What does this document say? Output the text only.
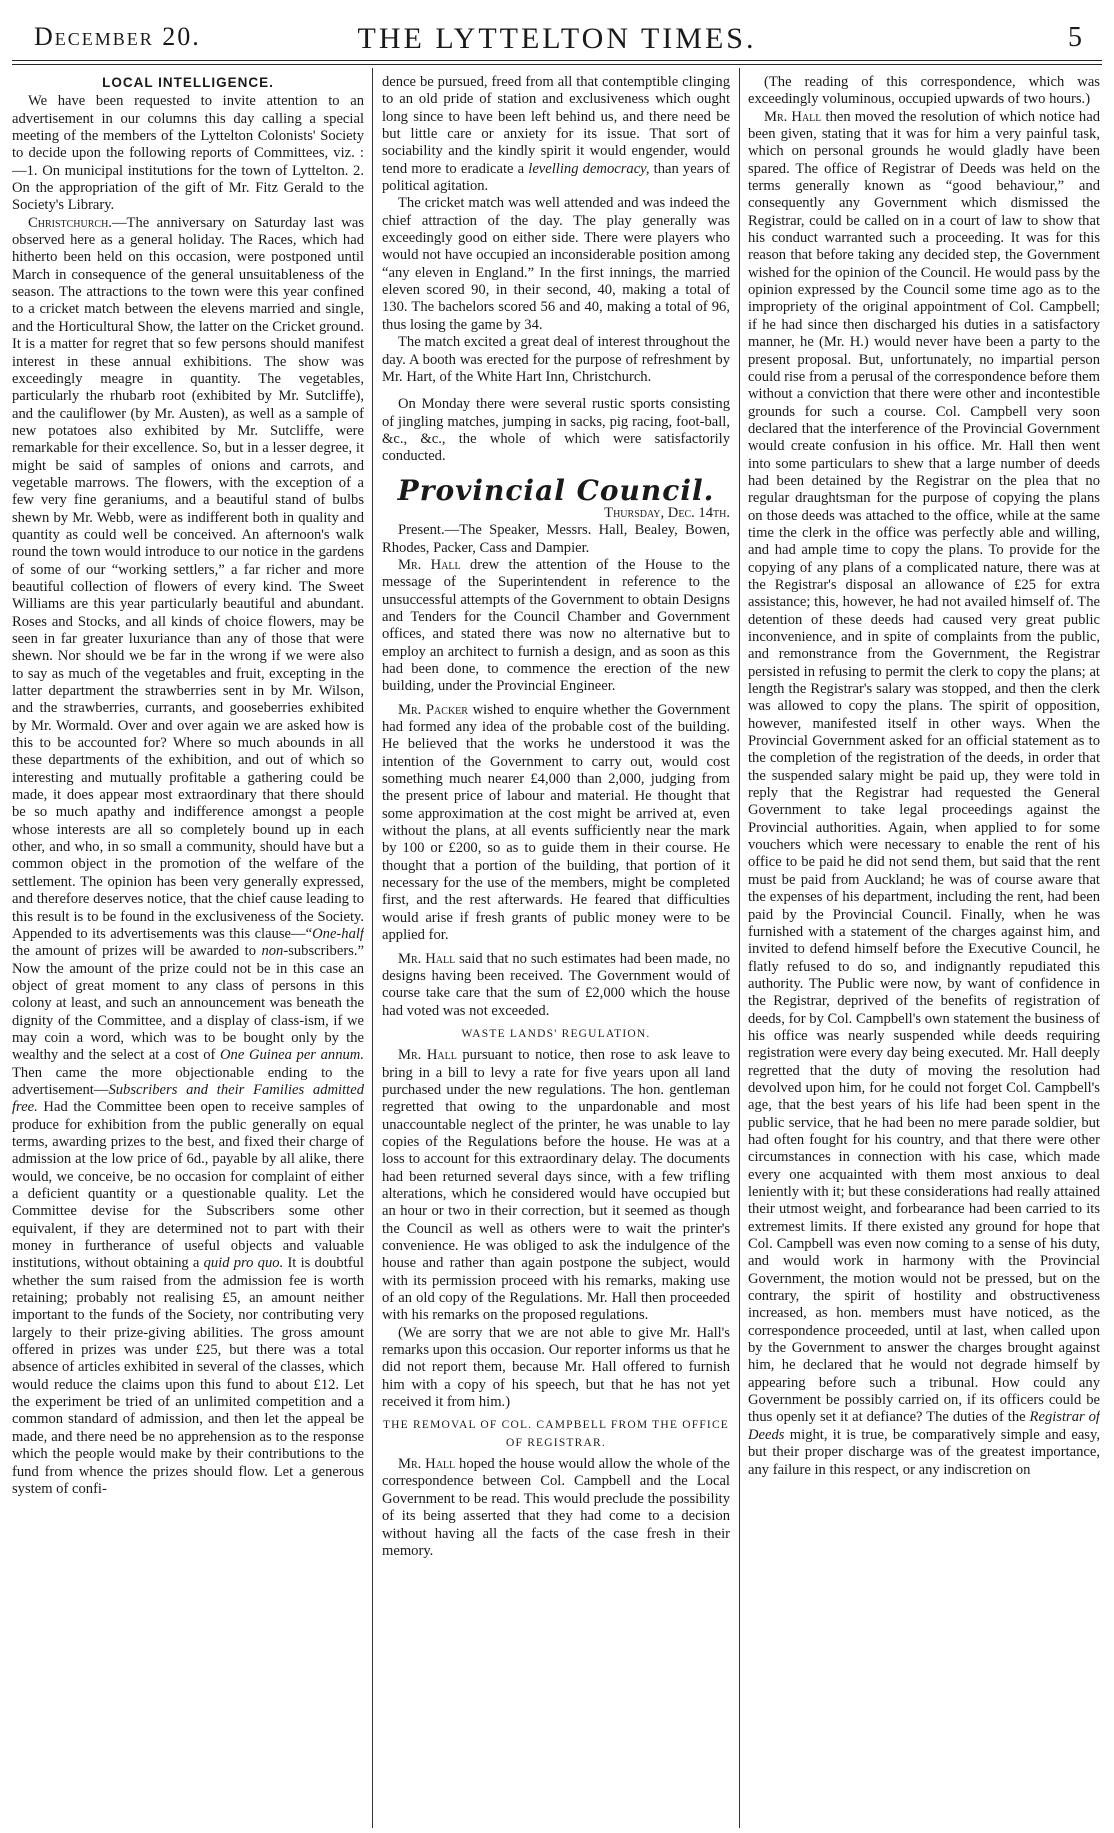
December 20.	THE LYTTELTON TIMES.	5
LOCAL INTELLIGENCE.

We have been requested to invite attention to an advertisement in our columns this day calling a special meeting of the members of the Lyttelton Colonists' Society to decide upon the following reports of Committees, viz. :—1. On municipal institutions for the town of Lyttelton. 2. On the appropriation of the gift of Mr. Fitz Gerald to the Society's Library.

Christchurch.—The anniversary on Saturday last was observed here as a general holiday. The Races, which had hitherto been held on this occasion, were postponed until March in consequence of the general unsuitableness of the season. The attractions to the town were this year confined to a cricket match between the elevens married and single, and the Horticultural Show, the latter on the Cricket ground. It is a matter for regret that so few persons should manifest interest in these annual exhibitions. The show was exceedingly meagre in quantity. The vegetables, particularly the rhubarb root (exhibited by Mr. Sutcliffe), and the cauliflower (by Mr. Austen), as well as a sample of new potatoes also exhibited by Mr. Sutcliffe, were remarkable for their excellence. So, but in a lesser degree, it might be said of samples of onions and carrots, and vegetable marrows. The flowers, with the exception of a few very fine geraniums, and a beautiful stand of bulbs shewn by Mr. Webb, were as indifferent both in quality and quantity as could well be conceived. An afternoon's walk round the town would introduce to our notice in the gardens of some of our “working settlers,” a far richer and more beautiful collection of flowers of every kind. The Sweet Williams are this year particularly beautiful and abundant. Roses and Stocks, and all kinds of choice flowers, may be seen in far greater luxuriance than any of those that were shewn. Nor should we be far in the wrong if we were also to say as much of the vegetables and fruit, excepting in the latter department the strawberries sent in by Mr. Wilson, and the strawberries, currants, and gooseberries exhibited by Mr. Wormald. Over and over again we are asked how is this to be accounted for? Where so much abounds in all these departments of the exhibition, and out of which so interesting and mutually profitable a gathering could be made, it does appear most extraordinary that there should be so much apathy and indifference amongst a people whose interests are all so completely bound up in each other, and who, in so small a community, should have but a common object in the promotion of the welfare of the settlement. The opinion has been very generally expressed, and therefore deserves notice, that the chief cause leading to this result is to be found in the exclusiveness of the Society. Appended to its advertisements was this clause—“One-half the amount of prizes will be awarded to non-subscribers.” Now the amount of the prize could not be in this case an object of great moment to any class of persons in this colony at least, and such an announcement was beneath the dignity of the Committee, and a display of class-ism, if we may coin a word, which was to be bought only by the wealthy and the select at a cost of One Guinea per annum. Then came the more objectionable ending to the advertisement—Subscribers and their Families admitted free. Had the Committee been open to receive samples of produce for exhibition from the public generally on equal terms, awarding prizes to the best, and fixed their charge of admission at the low price of 6d., payable by all alike, there would, we conceive, be no occasion for complaint of either a deficient quantity or a questionable quality. Let the Committee devise for the Subscribers some other equivalent, if they are determined not to part with their money in furtherance of useful objects and valuable institutions, without obtaining a quid pro quo. It is doubtful whether the sum raised from the admission fee is worth retaining; probably not realising £5, an amount neither important to the funds of the Society, nor contributing very largely to their prize-giving abilities. The gross amount offered in prizes was under £25, but there was a total absence of articles exhibited in several of the classes, which would reduce the claims upon this fund to about £12. Let the experiment be tried of an unlimited competition and a common standard of admission, and then let the appeal be made, and there need be no apprehension as to the response which the people would make by their contributions to the fund from whence the prizes should flow. Let a generous system of confi-

dence be pursued, freed from all that contemptible clinging to an old pride of station and exclusiveness which ought long since to have been left behind us, and there need be but little care or anxiety for its issue. That sort of sociability and the kindly spirit it would engender, would tend more to eradicate a levelling democracy, than years of political agitation.

The cricket match was well attended and was indeed the chief attraction of the day. The play generally was exceedingly good on either side. There were players who would not have occupied an inconsiderable position among “any eleven in England.” In the first innings, the married eleven scored 90, in their second, 40, making a total of 130. The bachelors scored 56 and 40, making a total of 96, thus losing the game by 34.

The match excited a great deal of interest throughout the day. A booth was erected for the purpose of refreshment by Mr. Hart, of the White Hart Inn, Christchurch.

On Monday there were several rustic sports consisting of jingling matches, jumping in sacks, pig racing, foot-ball, &c., &c., the whole of which were satisfactorily conducted.

Provincial Council.

Thursday, Dec. 14th.

Present.—The Speaker, Messrs. Hall, Bealey, Bowen, Rhodes, Packer, Cass and Dampier.

Mr. Hall drew the attention of the House to the message of the Superintendent in reference to the unsuccessful attempts of the Government to obtain Designs and Tenders for the Council Chamber and Government offices, and stated there was now no alternative but to employ an architect to furnish a design, and as soon as this had been done, to commence the erection of the new building, under the Provincial Engineer.

Mr. Packer wished to enquire whether the Government had formed any idea of the probable cost of the building. He believed that the works he understood it was the intention of the Government to carry out, would cost something much nearer £4,000 than 2,000, judging from the present price of labour and material. He thought that some approximation at the cost might be arrived at, even without the plans, at all events sufficiently near the mark by 100 or £200, so as to guide them in their course. He thought that a portion of the building, that portion of it necessary for the use of the members, might be completed first, and the rest afterwards. He feared that difficulties would arise if fresh grants of public money were to be applied for.

Mr. Hall said that no such estimates had been made, no designs having been received. The Government would of course take care that the sum of £2,000 which the house had voted was not exceeded.

WASTE LANDS' REGULATION.

Mr. Hall pursuant to notice, then rose to ask leave to bring in a bill to levy a rate for five years upon all land purchased under the new regulations. The hon. gentleman regretted that owing to the unpardonable and most unaccountable neglect of the printer, he was unable to lay copies of the Regulations before the house. He was at a loss to account for this extraordinary delay. The documents had been returned several days since, with a few trifling alterations, which he considered would have occupied but an hour or two in their correction, but it seemed as though the Council as well as others were to wait the printer's convenience. He was obliged to ask the indulgence of the house and rather than again postpone the subject, would with its permission proceed with his remarks, making use of an old copy of the Regulations. Mr. Hall then proceeded with his remarks on the proposed regulations.

(We are sorry that we are not able to give Mr. Hall's remarks upon this occasion. Our reporter informs us that he did not report them, because Mr. Hall offered to furnish him with a copy of his speech, but that he has not yet received it from him.)

THE REMOVAL OF COL. CAMPBELL FROM THE OFFICE OF REGISTRAR.

Mr. Hall hoped the house would allow the whole of the correspondence between Col. Campbell and the Local Government to be read. This would preclude the possibility of its being asserted that they had come to a decision without having all the facts of the case fresh in their memory.

(The reading of this correspondence, which was exceedingly voluminous, occupied upwards of two hours.)

Mr. Hall then moved the resolution of which notice had been given, stating that it was for him a very painful task, which on personal grounds he would gladly have been spared. The office of Registrar of Deeds was held on the terms generally known as “good behaviour,” and consequently any Government which dismissed the Registrar, could be called on in a court of law to show that his conduct warranted such a proceeding. It was for this reason that before taking any decided step, the Government wished for the opinion of the Council. He would pass by the opinion expressed by the Council some time ago as to the impropriety of the original appointment of Col. Campbell; if he had since then discharged his duties in a satisfactory manner, he (Mr. H.) would never have been a party to the present proposal. But, unfortunately, no impartial person could rise from a perusal of the correspondence before them without a conviction that there were other and incontestible grounds for such a course. Col. Campbell very soon declared that the interference of the Provincial Government would create confusion in his office. Mr. Hall then went into some particulars to shew that a large number of deeds had been detained by the Registrar on the plea that no regular draughtsman for the purpose of copying the plans on those deeds was attached to the office, while at the same time the clerk in the office was perfectly able and willing, and had ample time to copy the plans. To provide for the copying of any plans of a complicated nature, there was at the Registrar's disposal an allowance of £25 for extra assistance; this, however, he had not availed himself of. The detention of these deeds had caused very great public inconvenience, and in spite of complaints from the public, and remonstrance from the Government, the Registrar persisted in refusing to permit the clerk to copy the plans; at length the Registrar's salary was stopped, and then the clerk was allowed to copy the plans. The spirit of opposition, however, manifested itself in other ways. When the Provincial Government asked for an official statement as to the completion of the registration of the deeds, in order that the suspended salary might be paid up, they were told in reply that the Registrar had requested the General Government to take legal proceedings against the Provincial authorities. Again, when applied to for some vouchers which were necessary to enable the rent of his office to be paid he did not send them, but said that the rent must be paid from Auckland; he was of course aware that the expenses of his department, including the rent, had been paid by the Provincial Council. Finally, when he was furnished with a statement of the charges against him, and invited to defend himself before the Executive Council, he flatly refused to do so, and indignantly repudiated this authority. The Public were now, by want of confidence in the Registrar, deprived of the benefits of registration of deeds, for by Col. Campbell's own statement the business of his office was nearly suspended while deeds requiring registration were every day being executed. Mr. Hall deeply regretted that the duty of moving the resolution had devolved upon him, for he could not forget Col. Campbell's age, that the best years of his life had been spent in the public service, that he had been no mere parade soldier, but had often fought for his country, and that there were other circumstances in connection with his case, which made every one acquainted with them most anxious to deal leniently with it; but these considerations had really attained their utmost weight, and forbearance had been carried to its extremest limits. If there existed any ground for hope that Col. Campbell was even now coming to a sense of his duty, and would work in harmony with the Provincial Government, the motion would not be pressed, but on the contrary, the spirit of hostility and obstructiveness increased, as hon. members must have noticed, as the correspondence proceeded, until at last, when called upon by the Government to answer the charges brought against him, he declared that he would not degrade himself by appearing before such a tribunal. How could any Government be possibly carried on, if its officers could be thus openly set it at defiance? The duties of the Registrar of Deeds might, it is true, be comparatively simple and easy, but their proper discharge was of the greatest importance, any failure in this respect, or any indiscretion on
